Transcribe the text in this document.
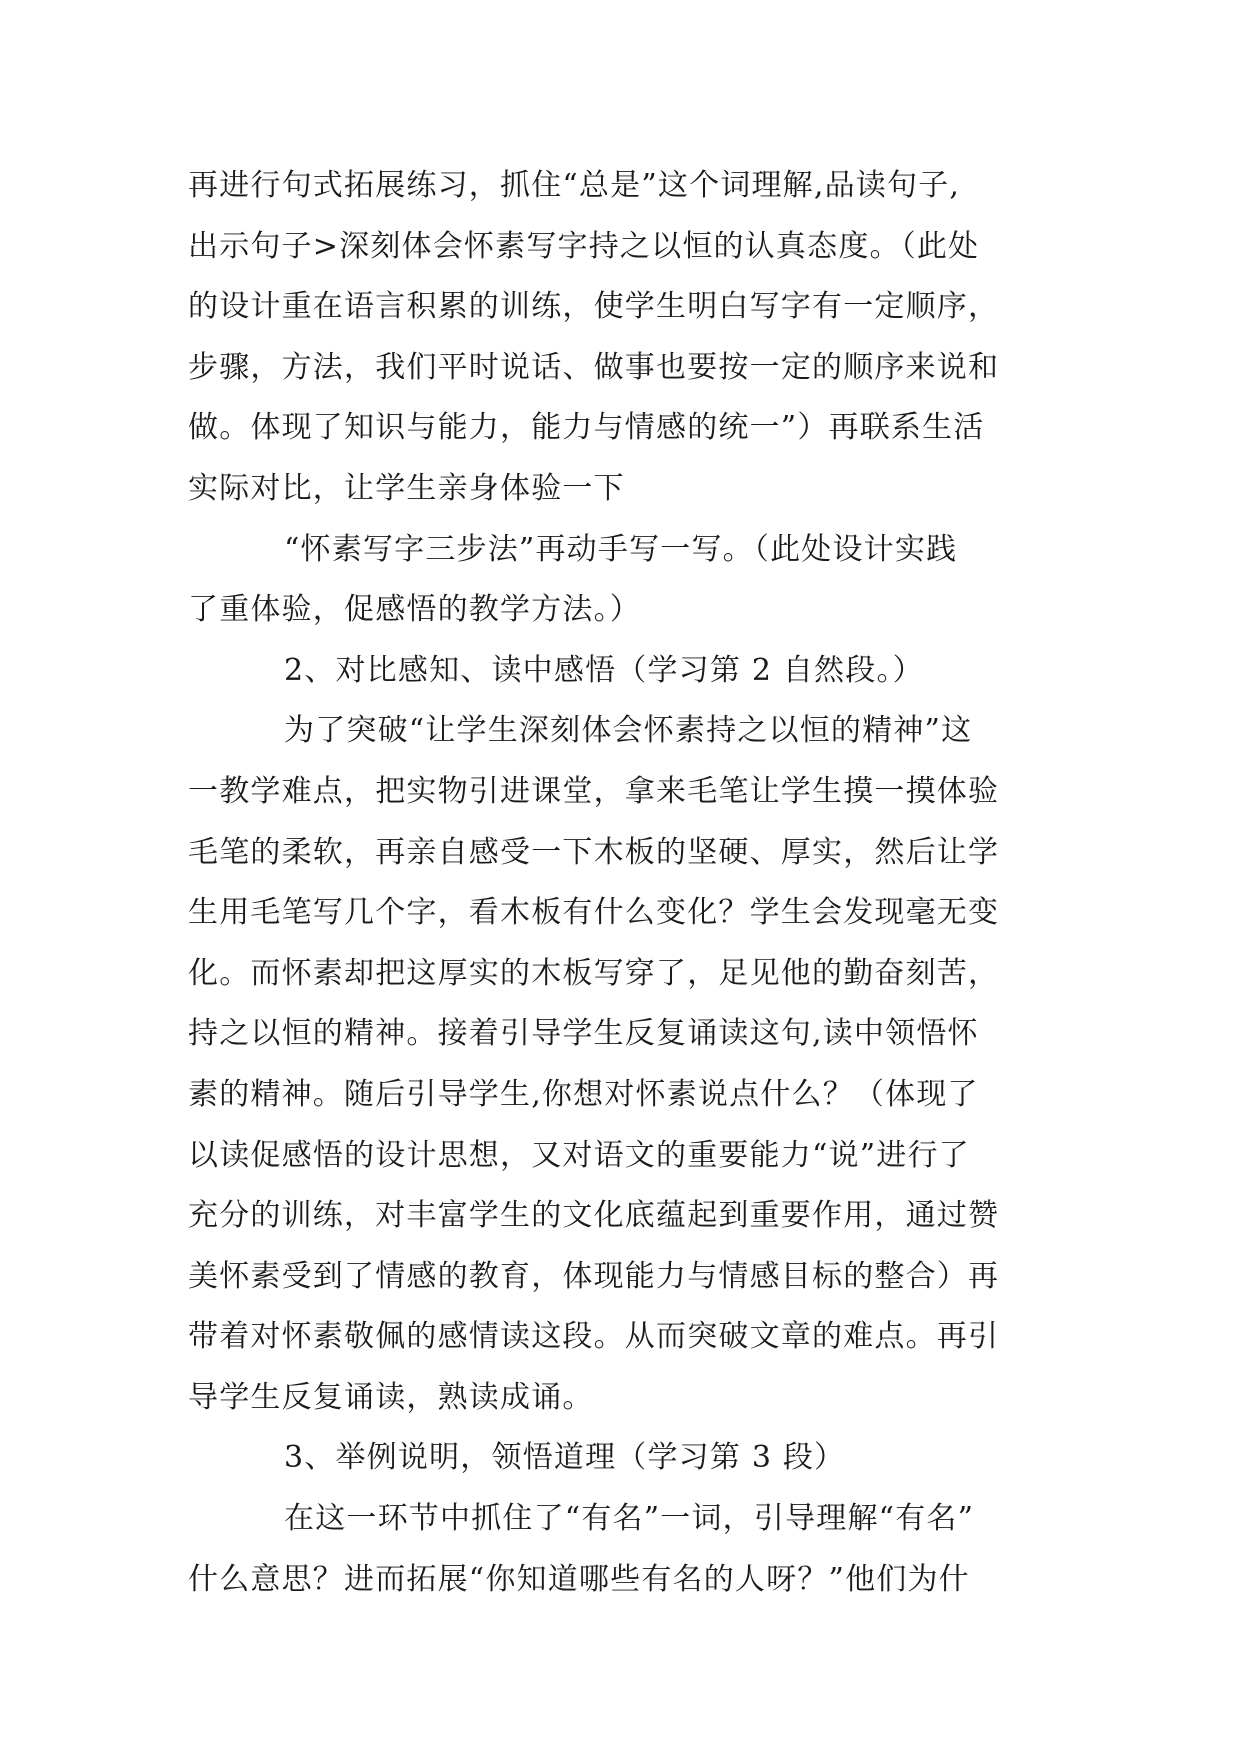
再进行句式拓展练习，抓住“总是”这个词理解,品读句子,
出示句子>深刻体会怀素写字持之以恒的认真态度。（此处
的设计重在语言积累的训练，使学生明白写字有一定顺序，
步骤，方法，我们平时说话、做事也要按一定的顺序来说和
做。体现了知识与能力，能力与情感的统一”）再联系生活
实际对比，让学生亲身体验一下
“怀素写字三步法”再动手写一写。（此处设计实践
了重体验，促感悟的教学方法。）
2、对比感知、读中感悟（学习第 2 自然段。）
为了突破“让学生深刻体会怀素持之以恒的精神”这
一教学难点，把实物引进课堂，拿来毛笔让学生摸一摸体验
毛笔的柔软，再亲自感受一下木板的坚硬、厚实，然后让学
生用毛笔写几个字，看木板有什么变化？学生会发现毫无变
化。而怀素却把这厚实的木板写穿了，足见他的勤奋刻苦，
持之以恒的精神。接着引导学生反复诵读这句,读中领悟怀
素的精神。随后引导学生,你想对怀素说点什么？（体现了
以读促感悟的设计思想，又对语文的重要能力“说”进行了
充分的训练，对丰富学生的文化底蕴起到重要作用，通过赞
美怀素受到了情感的教育，体现能力与情感目标的整合）再
带着对怀素敬佩的感情读这段。从而突破文章的难点。再引
导学生反复诵读，熟读成诵。
3、举例说明，领悟道理（学习第 3 段）
在这一环节中抓住了“有名”一词，引导理解“有名”
什么意思？进而拓展“你知道哪些有名的人呀？”他们为什
